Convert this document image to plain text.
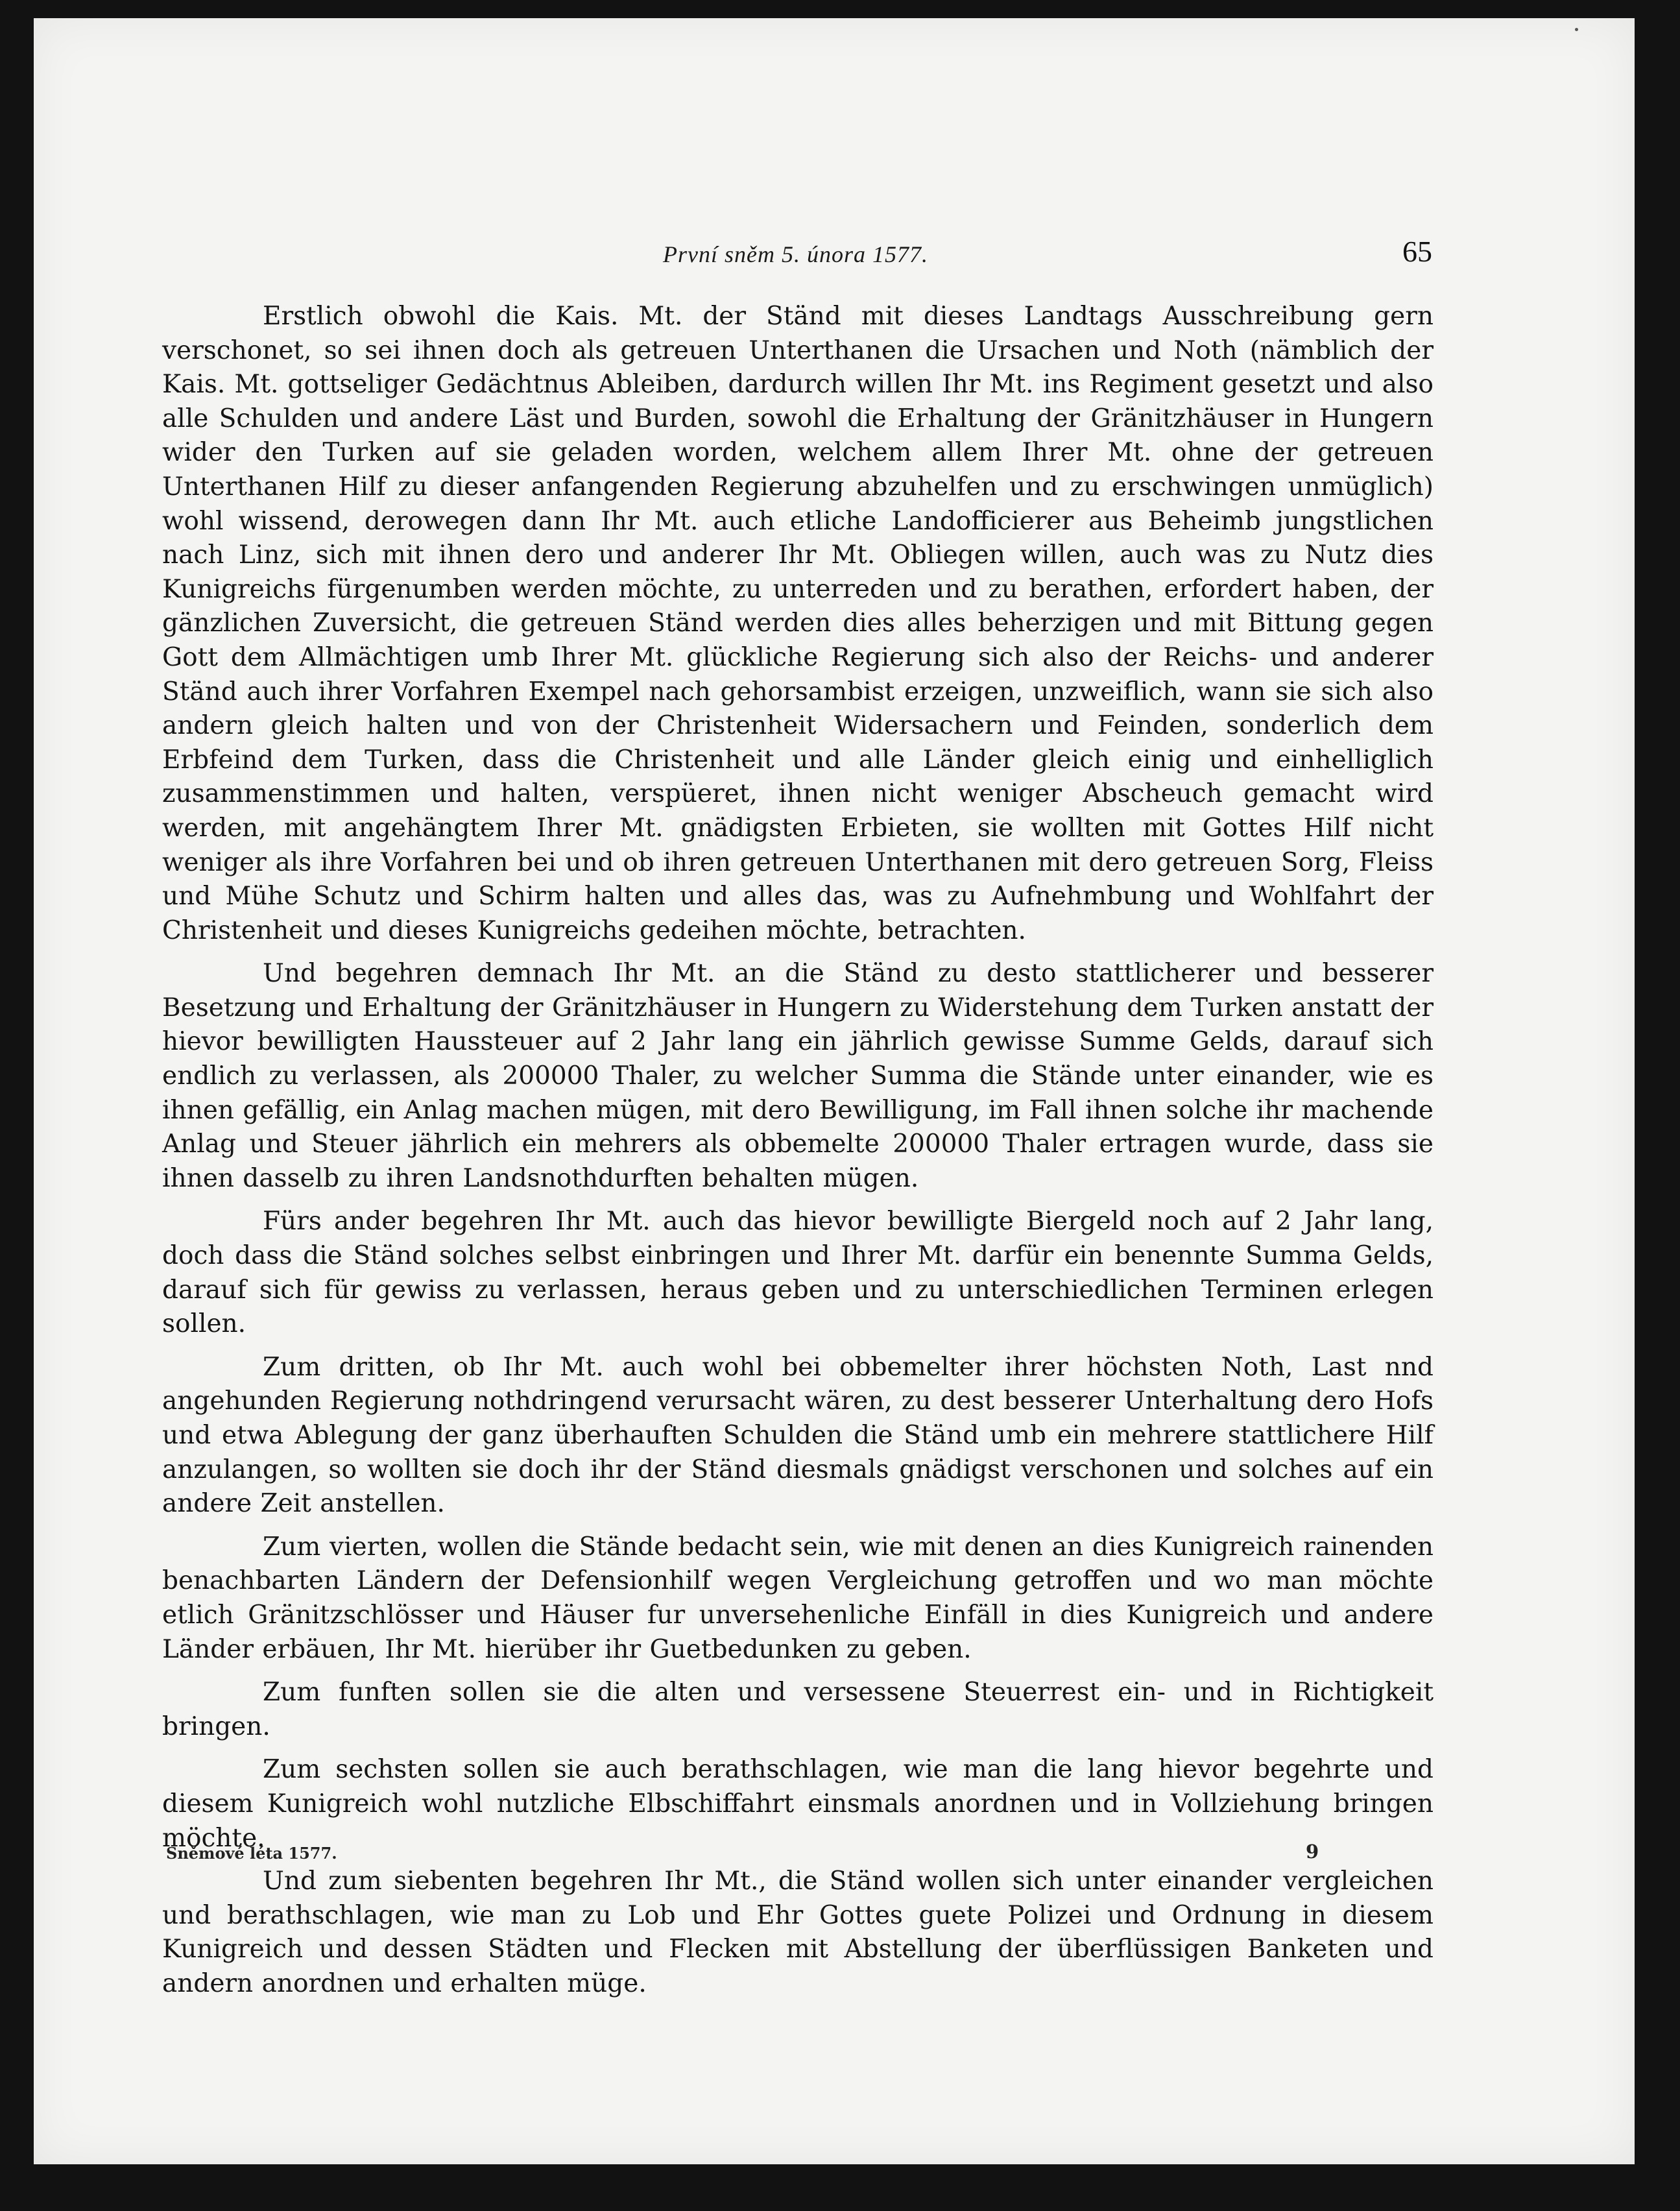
První sněm 5. února 1577.	65

Erstlich obwohl die Kais. Mt. der Ständ mit dieses Landtags Ausschreibung gern verschonet, so sei ihnen doch als getreuen Unterthanen die Ursachen und Noth (nämblich der Kais. Mt. gottseliger Gedächtnus Ableiben, dardurch willen Ihr Mt. ins Regiment gesetzt und also alle Schulden und andere Läst und Burden, sowohl die Erhaltung der Gränitzhäuser in Hungern wider den Turken auf sie geladen worden, welchem allem Ihrer Mt. ohne der getreuen Unterthanen Hilf zu dieser anfangenden Regierung abzuhelfen und zu erschwingen unmüglich) wohl wissend, derowegen dann Ihr Mt. auch etliche Landofficierer aus Beheimb jungstlichen nach Linz, sich mit ihnen dero und anderer Ihr Mt. Obliegen willen, auch was zu Nutz dies Kunigreichs fürgenumben werden möchte, zu unterreden und zu berathen, erfordert haben, der gänzlichen Zuversicht, die getreuen Ständ werden dies alles beherzigen und mit Bittung gegen Gott dem Allmächtigen umb Ihrer Mt. glückliche Regierung sich also der Reichs- und anderer Ständ auch ihrer Vorfahren Exempel nach gehorsambist erzeigen, unzweiflich, wann sie sich also andern gleich halten und von der Christenheit Widersachern und Feinden, sonderlich dem Erbfeind dem Turken, dass die Christenheit und alle Länder gleich einig und einhelliglich zusammenstimmen und halten, verspüeret, ihnen nicht weniger Abscheuch gemacht wird werden, mit angehängtem Ihrer Mt. gnädigsten Erbieten, sie wollten mit Gottes Hilf nicht weniger als ihre Vorfahren bei und ob ihren getreuen Unterthanen mit dero getreuen Sorg, Fleiss und Mühe Schutz und Schirm halten und alles das, was zu Aufnehmbung und Wohlfahrt der Christenheit und dieses Kunigreichs gedeihen möchte, betrachten.

Und begehren demnach Ihr Mt. an die Ständ zu desto stattlicherer und besserer Besetzung und Erhaltung der Gränitzhäuser in Hungern zu Widerstehung dem Turken anstatt der hievor bewilligten Haussteuer auf 2 Jahr lang ein jährlich gewisse Summe Gelds, darauf sich endlich zu verlassen, als 200000 Thaler, zu welcher Summa die Stände unter einander, wie es ihnen gefällig, ein Anlag machen mügen, mit dero Bewilligung, im Fall ihnen solche ihr machende Anlag und Steuer jährlich ein mehrers als obbemelte 200000 Thaler ertragen wurde, dass sie ihnen dasselb zu ihren Landsnothdurften behalten mügen.

Fürs ander begehren Ihr Mt. auch das hievor bewilligte Biergeld noch auf 2 Jahr lang, doch dass die Ständ solches selbst einbringen und Ihrer Mt. darfür ein benennte Summa Gelds, darauf sich für gewiss zu verlassen, heraus geben und zu unterschiedlichen Terminen erlegen sollen.

Zum dritten, ob Ihr Mt. auch wohl bei obbemelter ihrer höchsten Noth, Last nnd angehunden Regierung nothdringend verursacht wären, zu dest besserer Unterhaltung dero Hofs und etwa Ablegung der ganz überhauften Schulden die Ständ umb ein mehrere stattlichere Hilf anzulangen, so wollten sie doch ihr der Ständ diesmals gnädigst verschonen und solches auf ein andere Zeit anstellen.

Zum vierten, wollen die Stände bedacht sein, wie mit denen an dies Kunigreich rainenden benachbarten Ländern der Defensionhilf wegen Vergleichung getroffen und wo man möchte etlich Gränitzschlösser und Häuser fur unversehenliche Einfäll in dies Kunigreich und andere Länder erbäuen, Ihr Mt. hierüber ihr Guetbedunken zu geben.

Zum funften sollen sie die alten und versessene Steuerrest ein- und in Richtigkeit bringen.

Zum sechsten sollen sie auch berathschlagen, wie man die lang hievor begehrte und diesem Kunigreich wohl nutzliche Elbschiffahrt einsmals anordnen und in Vollziehung bringen möchte.

Und zum siebenten begehren Ihr Mt., die Ständ wollen sich unter einander vergleichen und berathschlagen, wie man zu Lob und Ehr Gottes guete Polizei und Ordnung in diesem Kunigreich und dessen Städten und Flecken mit Abstellung der überflüssigen Banketen und andern anordnen und erhalten müge.

Sněmové léta 1577.	9
